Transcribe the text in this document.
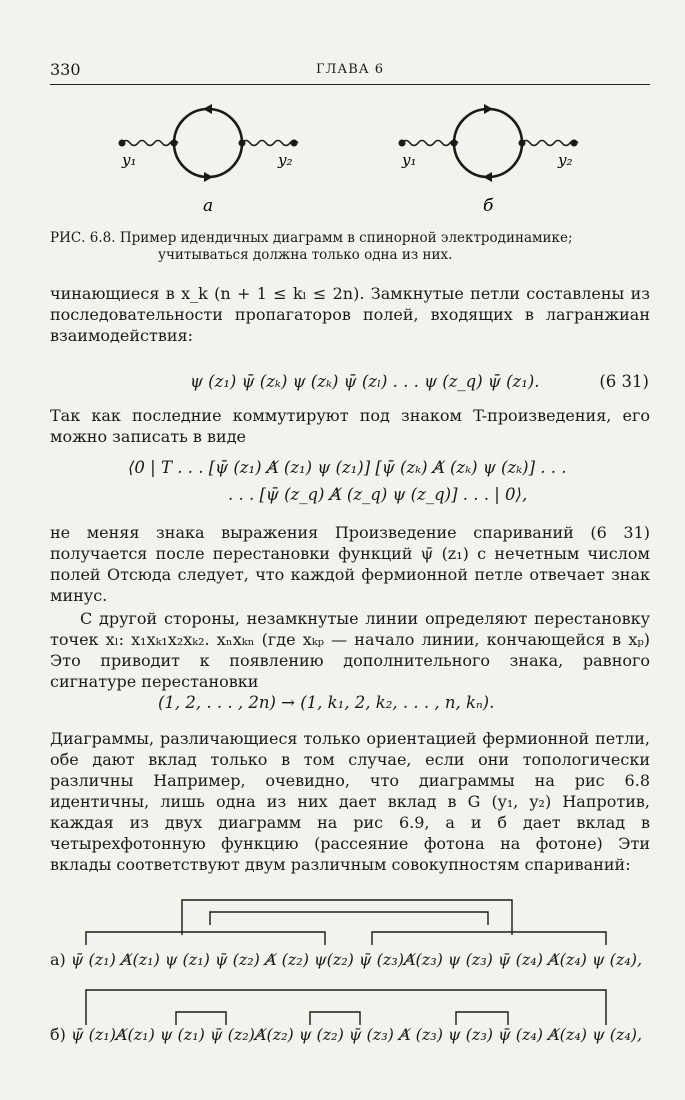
330	ГЛАВА 6
y₁	y₂	y₁	y₂
а	б
РИС. 6.8. Пример идендичных диаграмм в спинорной электродинамике;
учитываться должна только одна из них.
чинающиеся в x_k (n + 1 ≤ kₗ ≤ 2n). Замкнутые петли составлены из последовательности пропагаторов полей, входящих в лагранжиан взаимодействия:
ψ (z₁) ψ̄ (zₖ) ψ (zₖ) ψ̄ (zₗ) . . . ψ (z_q) ψ̄ (z₁).	(6 31)
Так как последние коммутируют под знаком T-произведения, его можно записать в виде
⟨0 | T . . . [ψ̄ (z₁) A̸ (z₁) ψ (z₁)] [ψ̄ (zₖ) A̸ (zₖ) ψ (zₖ)] . . .
. . . [ψ̄ (z_q) A̸ (z_q) ψ (z_q)] . . . | 0⟩,
не меняя знака выражения Произведение спариваний (6 31) получается после перестановки функций ψ̄ (z₁) с нечетным числом полей Отсюда следует, что каждой фермионной петле отвечает знак минус.
С другой стороны, незамкнутые линии определяют перестановку точек xₗ: x₁xₖ₁x₂xₖ₂. xₙxₖₙ (где xₖₚ — начало линии, кончающейся в xₚ) Это приводит к появлению дополнительного знака, равного сигнатуре перестановки
(1, 2, . . . , 2n) → (1, k₁, 2, k₂, . . . , n, kₙ).
Диаграммы, различающиеся только ориентацией фермионной петли, обе дают вклад только в том случае, если они топологически различны Например, очевидно, что диаграммы на рис 6.8 идентичны, лишь одна из них дает вклад в G (y₁, y₂) Напротив, каждая из двух диаграмм на рис 6.9, а и б дает вклад в четырехфотонную функцию (рассеяние фотона на фотоне) Эти вклады соответствуют двум различным совокупностям спариваний:
а) ψ̄ (z₁) A̸(z₁) ψ (z₁) ψ̄ (z₂) A̸ (z₂) ψ(z₂) ψ̄ (z₃)A̸(z₃) ψ (z₃) ψ̄ (z₄) A̸(z₄) ψ (z₄),
б) ψ̄ (z₁)A̸(z₁) ψ (z₁) ψ̄ (z₂)A̸(z₂) ψ (z₂) ψ̄ (z₃) A̸ (z₃) ψ (z₃) ψ̄ (z₄) A̸(z₄) ψ (z₄),
